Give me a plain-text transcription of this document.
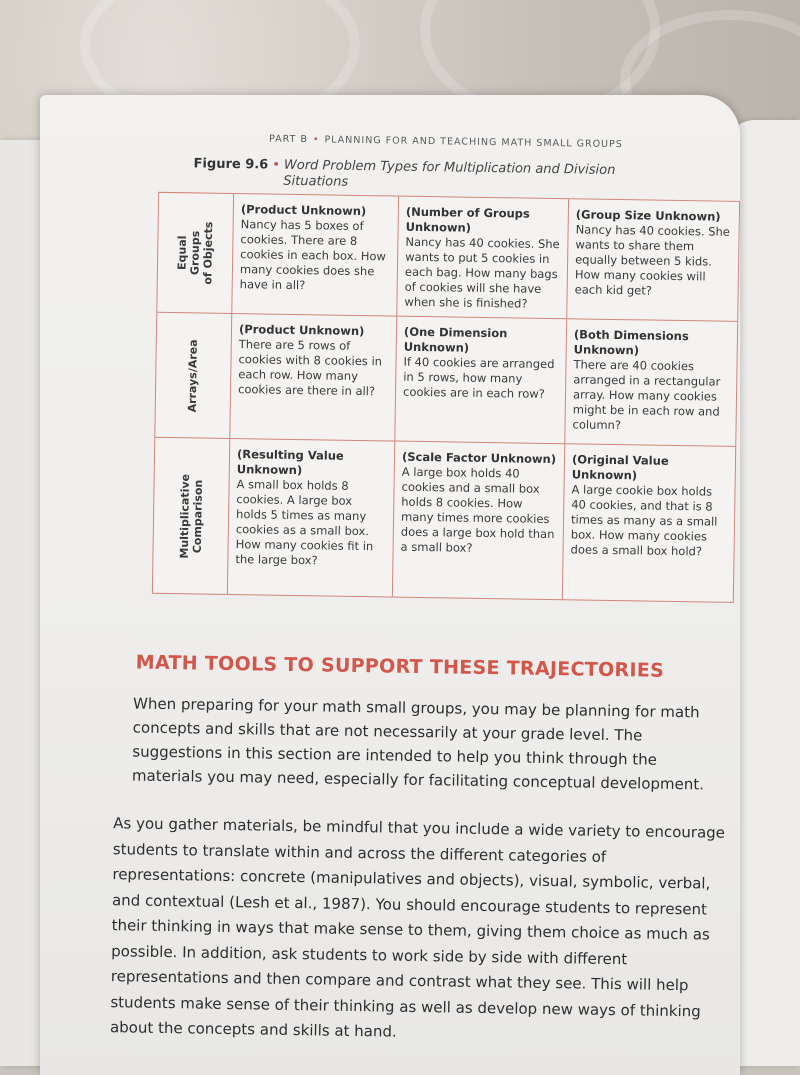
PART B • PLANNING FOR AND TEACHING MATH SMALL GROUPS
Figure 9.6 • Word Problem Types for Multiplication and Division
Situations
Equal Groups
of Objects
(Product Unknown)
Nancy has 5 boxes of cookies. There are 8 cookies in each box. How many cookies does she have in all?
(Number of Groups Unknown)
Nancy has 40 cookies. She wants to put 5 cookies in each bag. How many bags of cookies will she have when she is finished?
(Group Size Unknown)
Nancy has 40 cookies. She wants to share them equally between 5 kids. How many cookies will each kid get?
Arrays/Area
(Product Unknown)
There are 5 rows of cookies with 8 cookies in each row. How many cookies are there in all?
(One Dimension Unknown)
If 40 cookies are arranged in 5 rows, how many cookies are in each row?
(Both Dimensions Unknown)
There are 40 cookies arranged in a rectangular array. How many cookies might be in each row and column?
Multiplicative
Comparison
(Resulting Value Unknown)
A small box holds 8 cookies. A large box holds 5 times as many cookies as a small box. How many cookies fit in the large box?
(Scale Factor Unknown)
A large box holds 40 cookies and a small box holds 8 cookies. How many times more cookies does a large box hold than a small box?
(Original Value Unknown)
A large cookie box holds 40 cookies, and that is 8 times as many as a small box. How many cookies does a small box hold?
MATH TOOLS TO SUPPORT THESE TRAJECTORIES
When preparing for your math small groups, you may be planning for math concepts and skills that are not necessarily at your grade level. The suggestions in this section are intended to help you think through the materials you may need, especially for facilitating conceptual development.
As you gather materials, be mindful that you include a wide variety to encourage students to translate within and across the different categories of representations: concrete (manipulatives and objects), visual, symbolic, verbal, and contextual (Lesh et al., 1987). You should encourage students to represent their thinking in ways that make sense to them, giving them choice as much as possible. In addition, ask students to work side by side with different representations and then compare and contrast what they see. This will help students make sense of their thinking as well as develop new ways of thinking about the concepts and skills at hand.
